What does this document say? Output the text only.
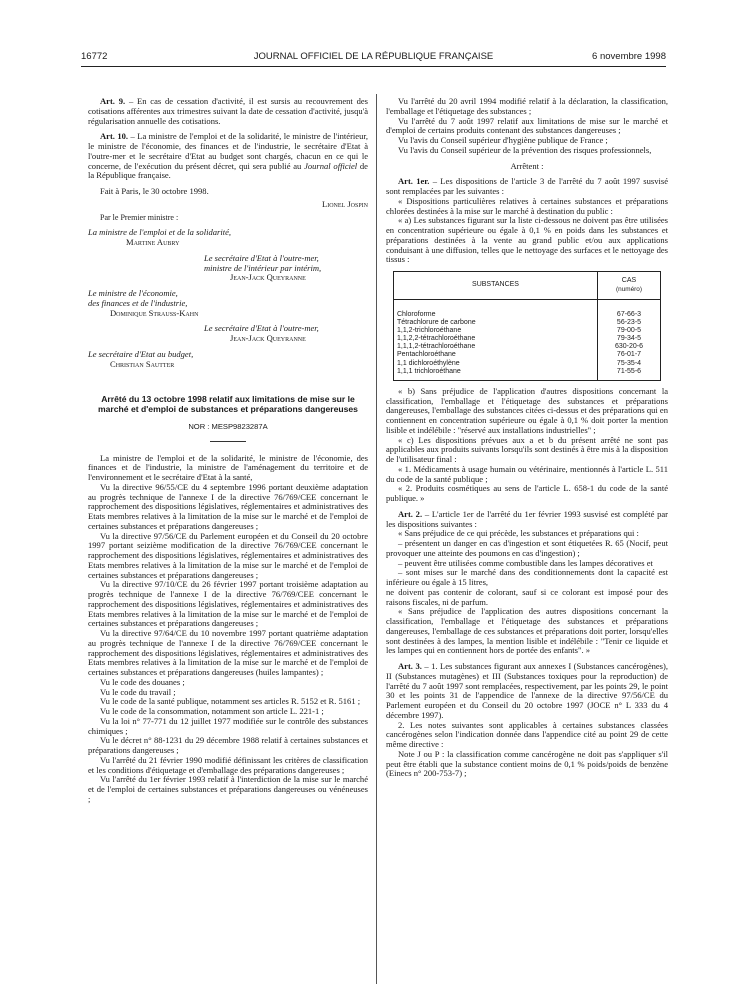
16772	JOURNAL OFFICIEL DE LA RÉPUBLIQUE FRANÇAISE	6 novembre 1998

Art. 9. – En cas de cessation d'activité, il est sursis au recouvrement des cotisations afférentes aux trimestres suivant la date de cessation d'activité, jusqu'à régularisation annuelle des cotisations.

Art. 10. – La ministre de l'emploi et de la solidarité, le ministre de l'intérieur, le ministre de l'économie, des finances et de l'industrie, le secrétaire d'Etat à l'outre-mer et le secrétaire d'Etat au budget sont chargés, chacun en ce qui le concerne, de l'exécution du présent décret, qui sera publié au Journal officiel de la République française.

Fait à Paris, le 30 octobre 1998.

Lionel Jospin

Par le Premier ministre :

La ministre de l'emploi et de la solidarité,

Martine Aubry

Le secrétaire d'Etat à l'outre-mer,

ministre de l'intérieur par intérim,

Jean-Jack Queyranne

Le ministre de l'économie,

des finances et de l'industrie,

Dominique Strauss-Kahn

Le secrétaire d'Etat à l'outre-mer,

Jean-Jack Queyranne

Le secrétaire d'Etat au budget,

Christian Sautter

Arrêté du 13 octobre 1998 relatif aux limitations de mise sur le marché et d'emploi de substances et préparations dangereuses
NOR : MESP9823287A

La ministre de l'emploi et de la solidarité, le ministre de l'économie, des finances et de l'industrie, la ministre de l'aménagement du territoire et de l'environnement et le secrétaire d'Etat à la santé,

Vu la directive 96/55/CE du 4 septembre 1996 portant deuxième adaptation au progrès technique de l'annexe I de la directive 76/769/CEE concernant le rapprochement des dispositions législatives, réglementaires et administratives des Etats membres relatives à la limitation de la mise sur le marché et de l'emploi de certaines substances et préparations dangereuses ;

Vu la directive 97/56/CE du Parlement européen et du Conseil du 20 octobre 1997 portant seizième modification de la directive 76/769/CEE concernant le rapprochement des dispositions législatives, réglementaires et administratives des Etats membres relatives à la limitation de la mise sur le marché et de l'emploi de certaines substances et préparations dangereuses ;

Vu la directive 97/10/CE du 26 février 1997 portant troisième adaptation au progrès technique de l'annexe I de la directive 76/769/CEE concernant le rapprochement des dispositions législatives, réglementaires et administratives des Etats membres relatives à la limitation de la mise sur le marché et de l'emploi de certaines substances et préparations dangereuses ;

Vu la directive 97/64/CE du 10 novembre 1997 portant quatrième adaptation au progrès technique de l'annexe I de la directive 76/769/CEE concernant le rapprochement des dispositions législatives, réglementaires et administratives des Etats membres relatives à la limitation de la mise sur le marché et de l'emploi de certaines substances et préparations dangereuses (huiles lampantes) ;

Vu le code des douanes ;

Vu le code du travail ;

Vu le code de la santé publique, notamment ses articles R. 5152 et R. 5161 ;

Vu le code de la consommation, notamment son article L. 221-1 ;

Vu la loi n° 77-771 du 12 juillet 1977 modifiée sur le contrôle des substances chimiques ;

Vu le décret n° 88-1231 du 29 décembre 1988 relatif à certaines substances et préparations dangereuses ;

Vu l'arrêté du 21 février 1990 modifié définissant les critères de classification et les conditions d'étiquetage et d'emballage des préparations dangereuses ;

Vu l'arrêté du 1er février 1993 relatif à l'interdiction de la mise sur le marché et de l'emploi de certaines substances et préparations dangereuses ou vénéneuses ;

Vu l'arrêté du 20 avril 1994 modifié relatif à la déclaration, la classification, l'emballage et l'étiquetage des substances ;

Vu l'arrêté du 7 août 1997 relatif aux limitations de mise sur le marché et d'emploi de certains produits contenant des substances dangereuses ;

Vu l'avis du Conseil supérieur d'hygiène publique de France ;

Vu l'avis du Conseil supérieur de la prévention des risques professionnels,

Arrêtent :

Art. 1er. – Les dispositions de l'article 3 de l'arrêté du 7 août 1997 susvisé sont remplacées par les suivantes :

« Dispositions particulières relatives à certaines substances et préparations chlorées destinées à la mise sur le marché à destination du public :

« a) Les substances figurant sur la liste ci-dessous ne doivent pas être utilisées en concentration supérieure ou égale à 0,1 % en poids dans les substances et préparations destinées à la vente au grand public et/ou aux applications conduisant à une diffusion, telles que le nettoyage des surfaces et le nettoyage des tissus :

SUBSTANCES	CAS
(numéro)

Chloroforme	67-66-3
Tétrachlorure de carbone	56-23-5
1,1,2-trichloroéthane	79-00-5
1,1,2,2-tétrachloroéthane	79-34-5
1,1,1,2-tétrachloroéthane	630-20-6
Pentachloroéthane	76-01-7
1,1 dichloroéthylène	75-35-4
1,1,1 trichloroéthane	71-55-6

« b) Sans préjudice de l'application d'autres dispositions concernant la classification, l'emballage et l'étiquetage des substances et préparations dangereuses, l'emballage des substances citées ci-dessus et des préparations qui en contiennent en concentration supérieure ou égale à 0,1 % doit porter la mention lisible et indélébile : "réservé aux installations industrielles" ;

« c) Les dispositions prévues aux a et b du présent arrêté ne sont pas applicables aux produits suivants lorsqu'ils sont destinés à être mis à la disposition de l'utilisateur final :

« 1. Médicaments à usage humain ou vétérinaire, mentionnés à l'article L. 511 du code de la santé publique ;

« 2. Produits cosmétiques au sens de l'article L. 658-1 du code de la santé publique. »

Art. 2. – L'article 1er de l'arrêté du 1er février 1993 susvisé est complété par les dispositions suivantes :

« Sans préjudice de ce qui précède, les substances et préparations qui :

– présentent un danger en cas d'ingestion et sont étiquetées R. 65 (Nocif, peut provoquer une atteinte des poumons en cas d'ingestion) ;

– peuvent être utilisées comme combustible dans les lampes décoratives et

– sont mises sur le marché dans des conditionnements dont la capacité est inférieure ou égale à 15 litres,

ne doivent pas contenir de colorant, sauf si ce colorant est imposé pour des raisons fiscales, ni de parfum.

« Sans préjudice de l'application des autres dispositions concernant la classification, l'emballage et l'étiquetage des substances et préparations dangereuses, l'emballage de ces substances et préparations doit porter, lorsqu'elles sont destinées à des lampes, la mention lisible et indélébile : "Tenir ce liquide et les lampes qui en contiennent hors de portée des enfants". »

Art. 3. – 1. Les substances figurant aux annexes I (Substances cancérogènes), II (Substances mutagènes) et III (Substances toxiques pour la reproduction) de l'arrêté du 7 août 1997 sont remplacées, respectivement, par les points 29, le point 30 et les points 31 de l'appendice de l'annexe de la directive 97/56/CE du Parlement européen et du Conseil du 20 octobre 1997 (JOCE n° L 333 du 4 décembre 1997).

2. Les notes suivantes sont applicables à certaines substances classées cancérogènes selon l'indication donnée dans l'appendice cité au point 29 de cette même directive :

Note J ou P : la classification comme cancérogène ne doit pas s'appliquer s'il peut être établi que la substance contient moins de 0,1 % poids/poids de benzène (Einecs n° 200-753-7) ;
